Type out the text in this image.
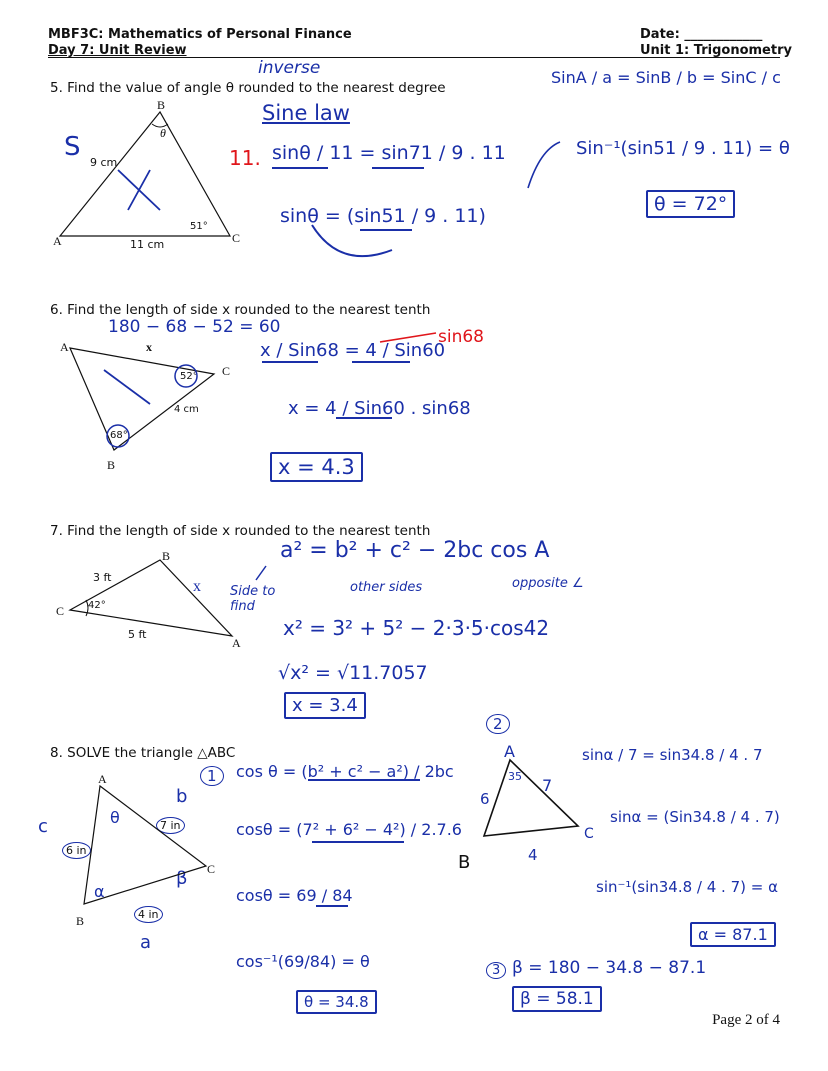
MBF3C: Mathematics of Personal Finance
Day 7: Unit Review
Date: ____________
Unit 1: Trigonometry
5. Find the value of angle θ rounded to the nearest degree
inverse
Sine law
B
A	C
θ
9 cm
11 cm
51°
S	11. sinθ / 11 = sin71 / 9 . 11
sinθ = (sin51 / 9 . 11)
SinA / a = SinB / b = SinC / c
Sin⁻¹(sin51 / 9 . 11) = θ
θ = 72°
6. Find the length of side x rounded to the nearest tenth
180 − 68 − 52 = 60
A
C
B
x
52°
4 cm
68°
x / Sin68 = 4 / Sin60
sin68
x = 4 / Sin60 . sin68
x = 4.3
7. Find the length of side x rounded to the nearest tenth
a² = b² + c² − 2bc cos A
Side to find
other sides	opposite ∠
B
C
A
x
3 ft
5 ft
42°
x² = 3² + 5² − 2·3·5·cos42
√x² = √11.7057
x = 3.4
8. SOLVE the triangle △ABC
A
B
C
6 in
7 in
4 in
b
a
c	θ
α
β
1	cos θ = (b² + c² − a²) / 2bc
cosθ = (7² + 6² − 4²) / 2.7.6
cosθ = 69 / 84
cos⁻¹(69/84) = θ
θ = 34.8
2
A
6
7
4
B
C
35
sinα / 7 = sin34.8 / 4 . 7
sinα = (Sin34.8 / 4 . 7)
sin⁻¹(sin34.8 / 4 . 7) = α
α = 87.1
3 β = 180 − 34.8 − 87.1
β = 58.1
Page 2 of 4
